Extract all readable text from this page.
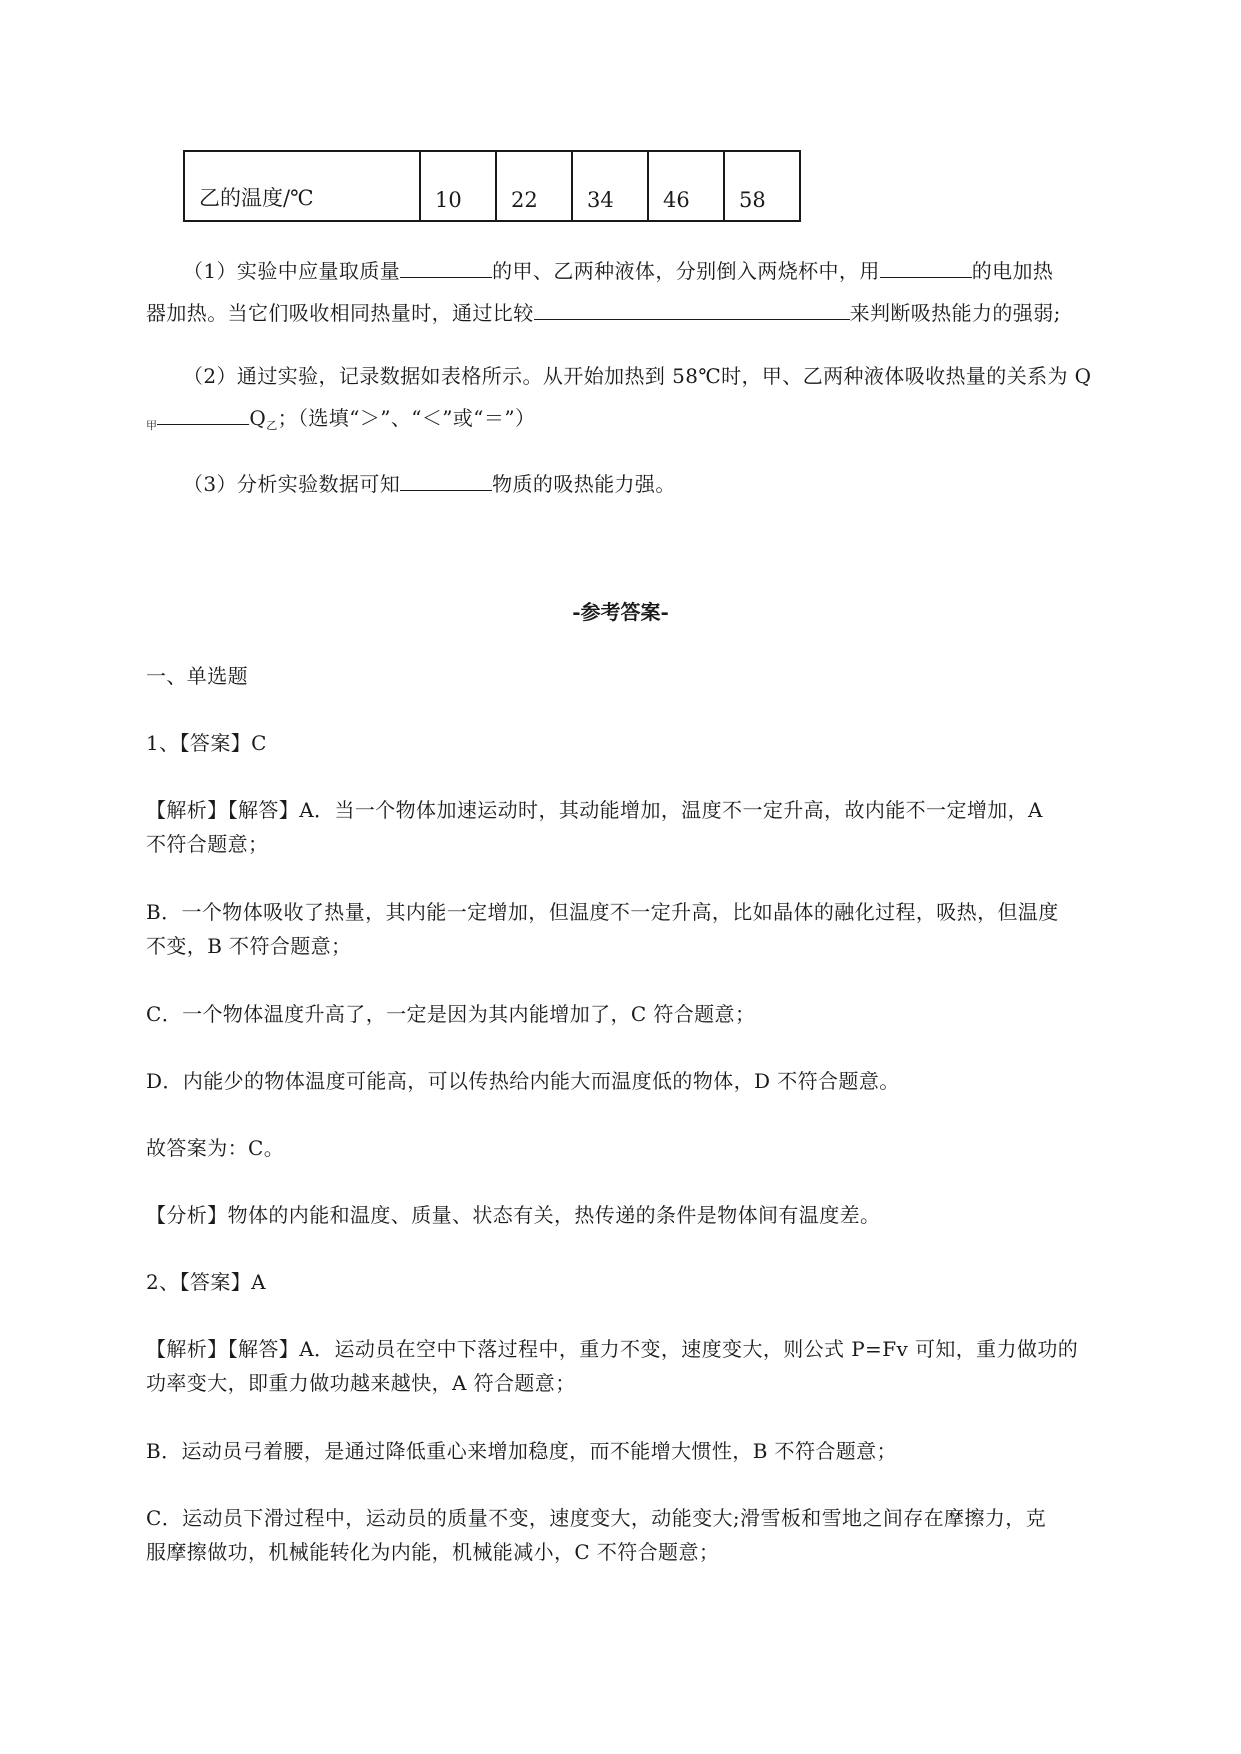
乙的温度/℃	10	22	34	46	58
（1）实验中应量取质量	的甲、乙两种液体，分别倒入两烧杯中，用	的电加热
器加热。当它们吸收相同热量时，通过比较	来判断吸热能力的强弱;
（2）通过实验，记录数据如表格所示。从开始加热到 58℃时，甲、乙两种液体吸收热量的关系为 Q
$_甲$	$Q_乙$；（选填“＞”、“＜”或“＝”）
（3）分析实验数据可知	物质的吸热能力强。
-参考答案-
一、单选题
1、【答案】C
【解析】【解答】A．当一个物体加速运动时，其动能增加，温度不一定升高，故内能不一定增加，A
不符合题意；
B．一个物体吸收了热量，其内能一定增加，但温度不一定升高，比如晶体的融化过程，吸热，但温度
不变，B 不符合题意；
C．一个物体温度升高了，一定是因为其内能增加了，C 符合题意；
D．内能少的物体温度可能高，可以传热给内能大而温度低的物体，D 不符合题意。
故答案为：C。
【分析】物体的内能和温度、质量、状态有关，热传递的条件是物体间有温度差。
2、【答案】A
【解析】【解答】A．运动员在空中下落过程中，重力不变，速度变大，则公式 P=Fv 可知，重力做功的
功率变大，即重力做功越来越快，A 符合题意；
B．运动员弓着腰，是通过降低重心来增加稳度，而不能增大惯性，B 不符合题意；
C．运动员下滑过程中，运动员的质量不变，速度变大，动能变大;滑雪板和雪地之间存在摩擦力，克
服摩擦做功，机械能转化为内能，机械能减小，C 不符合题意；
